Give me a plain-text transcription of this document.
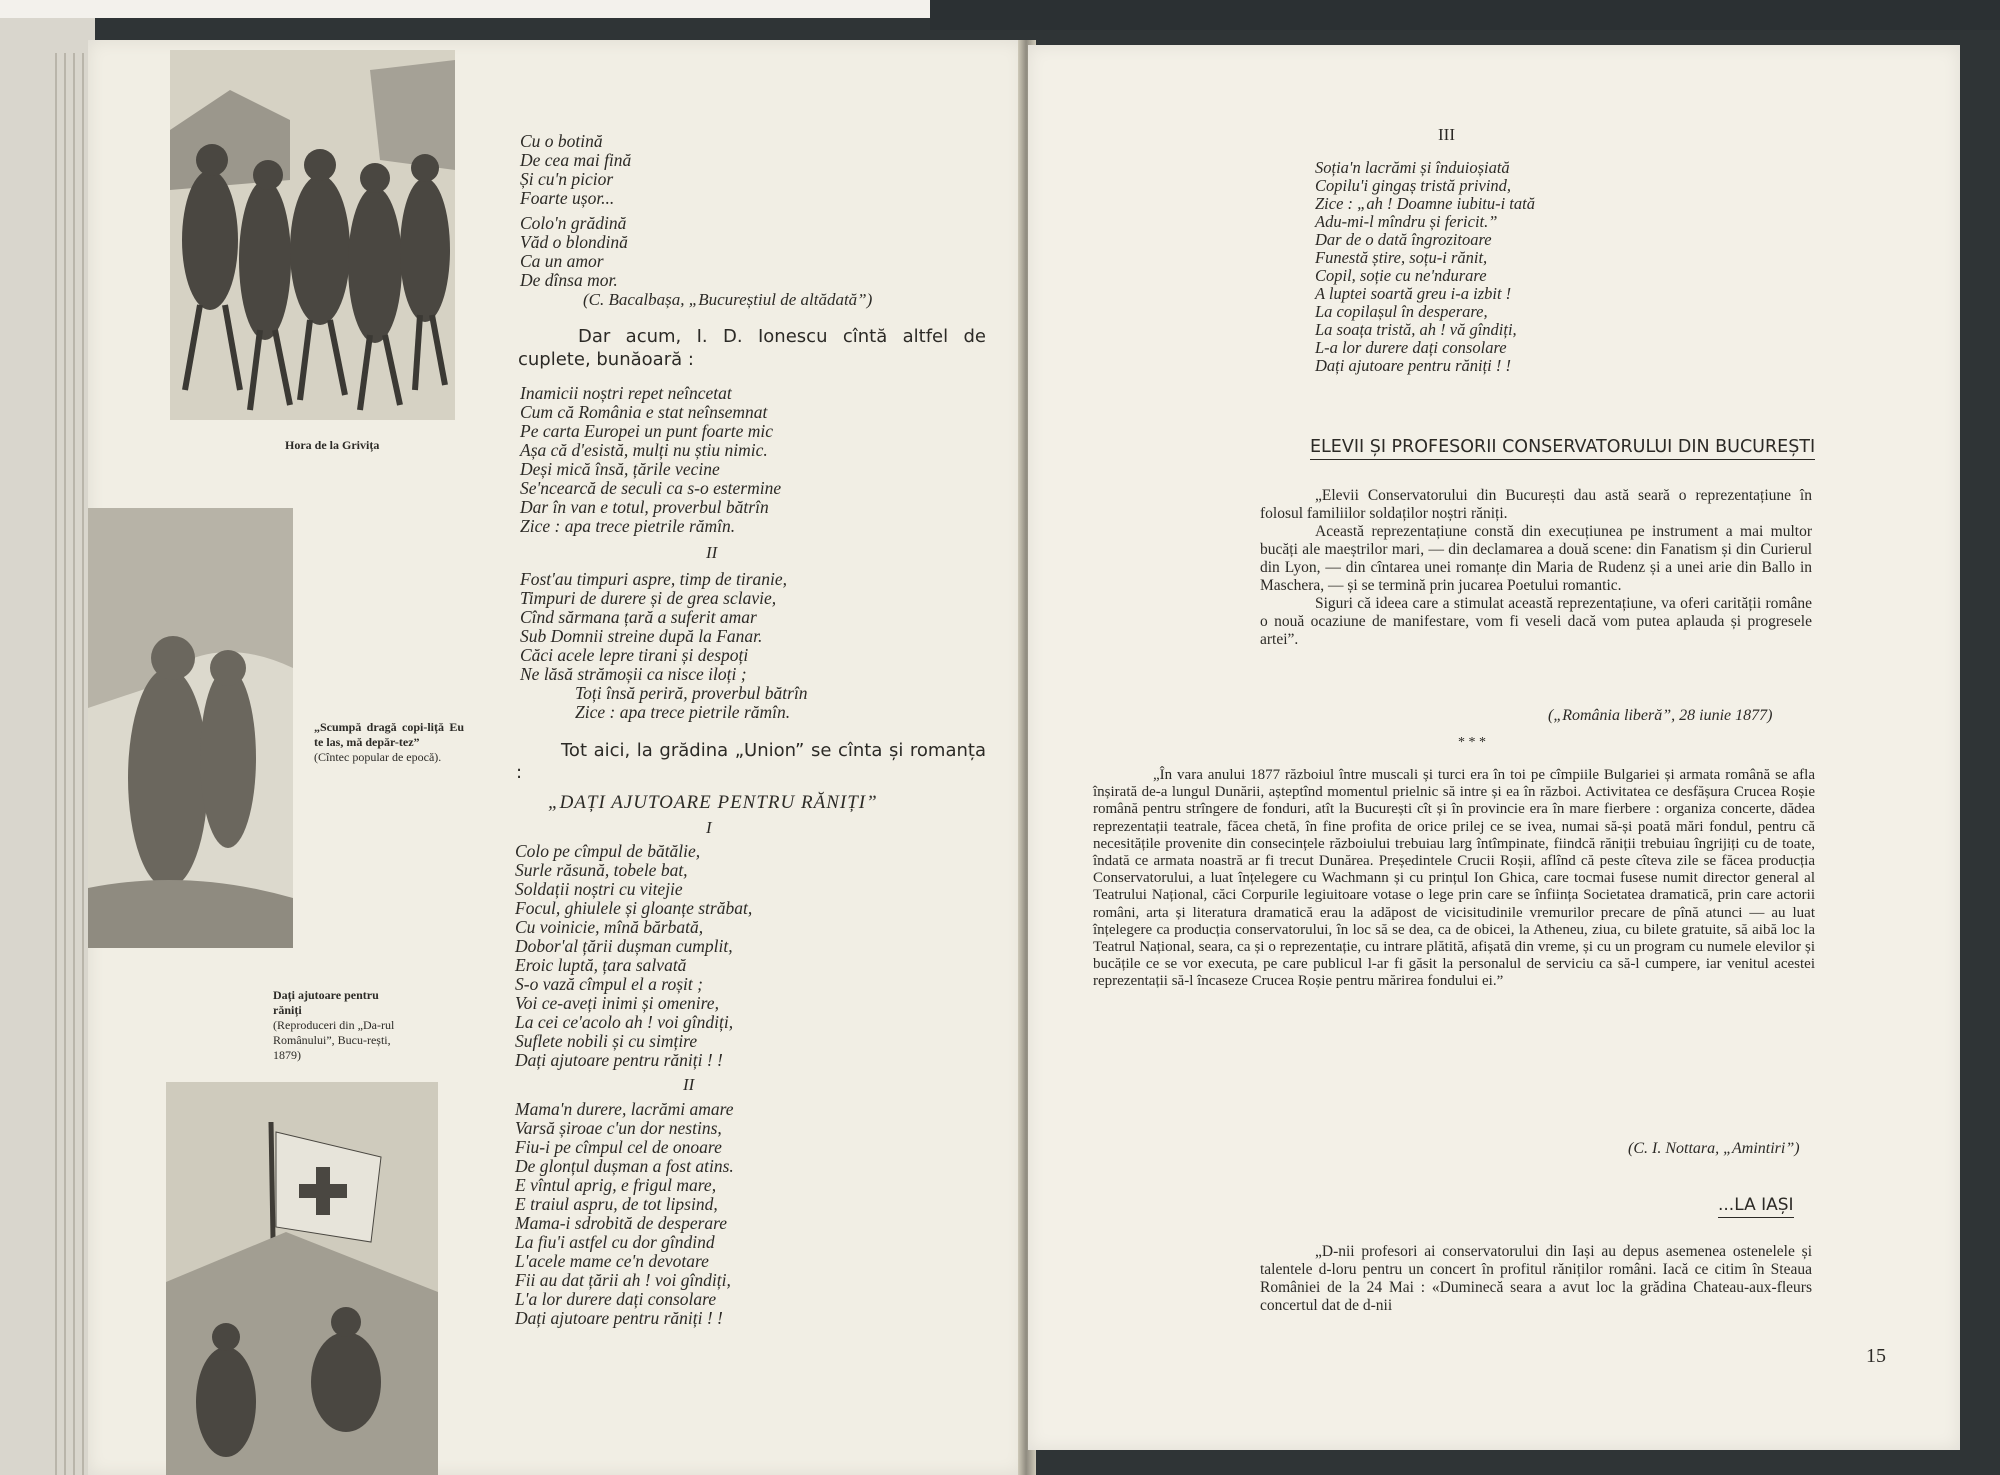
Hora de la Grivița
„Scumpă dragă copi-liță Eu te las, mă depăr-tez”
(Cîntec popular de epocă).
Dați ajutoare pentru răniți
(Reproduceri din „Da-rul Românului”, Bucu-rești, 1879)
Cu o botină
De cea mai fină
Și cu'n picior
Foarte ușor...
Colo'n grădină
Văd o blondină
Ca un amor
De dînsa mor.
(C. Bacalbașa, „Bucureștiul de altădată”)
Dar acum, I. D. Ionescu cîntă altfel de cuplete, bunăoară :
Inamicii noștri repet neîncetat
Cum că România e stat neînsemnat
Pe carta Europei un punt foarte mic
Așa că d'esistă, mulți nu știu nimic.
Deși mică însă, țările vecine
Se'ncearcă de seculi ca s-o estermine
Dar în van e totul, proverbul bătrîn
Zice : apa trece pietrile rămîn.
II
Fost'au timpuri aspre, timp de tiranie,
Timpuri de durere și de grea sclavie,
Cînd sărmana țară a suferit amar
Sub Domnii streine după la Fanar.
Căci acele lepre tirani și despoți
Ne lăsă strămoșii ca nisce iloți ;
Toți însă periră, proverbul bătrîn
Zice : apa trece pietrile rămîn.
Tot aici, la grădina „Union” se cînta și romanța :
„DAȚI AJUTOARE PENTRU RĂNIȚI”
I
Colo pe cîmpul de bătălie,
Surle răsună, tobele bat,
Soldații noștri cu vitejie
Focul, ghiulele și gloanțe străbat,
Cu voinicie, mînă bărbată,
Dobor'al țării dușman cumplit,
Eroic luptă, țara salvată
S-o vază cîmpul el a roșit ;
Voi ce-aveți inimi și omenire,
La cei ce'acolo ah ! voi gîndiți,
Suflete nobili și cu simțire
Dați ajutoare pentru răniți ! !
II
Mama'n durere, lacrămi amare
Varsă șiroae c'un dor nestins,
Fiu-i pe cîmpul cel de onoare
De glonțul dușman a fost atins.
E vîntul aprig, e frigul mare,
E traiul aspru, de tot lipsind,
Mama-i sdrobită de desperare
La fiu'i astfel cu dor gîndind
L'acele mame ce'n devotare
Fii au dat țării ah ! voi gîndiți,
L'a lor durere dați consolare
Dați ajutoare pentru răniți ! !
III
Soția'n lacrămi și înduioșiată
Copilu'i gingaș tristă privind,
Zice : „ah ! Doamne iubitu-i tată
Adu-mi-l mîndru și fericit.”
Dar de o dată îngrozitoare
Funestă știre, soțu-i rănit,
Copil, soție cu ne'ndurare
A luptei soartă greu i-a izbit !
La copilașul în desperare,
La soața tristă, ah ! vă gîndiți,
L-a lor durere dați consolare
Dați ajutoare pentru răniți ! !
ELEVII ȘI PROFESORII CONSERVATORULUI DIN BUCUREȘTI
„Elevii Conservatorului din București dau astă seară o reprezentațiune în folosul familiilor soldaților noștri răniți.
Această reprezentațiune constă din execuțiunea pe instrument a mai multor bucăți ale maeștrilor mari, — din declamarea a două scene: din Fanatism și din Curierul din Lyon, — din cîntarea unei romanțe din Maria de Rudenz și a unei arie din Ballo in Maschera, — și se termină prin jucarea Poetului romantic.
Siguri că ideea care a stimulat această reprezentațiune, va oferi carității române o nouă ocaziune de manifestare, vom fi veseli dacă vom putea aplauda și progresele artei”.
(„România liberă”, 28 iunie 1877)
* * *
„În vara anului 1877 războiul între muscali și turci era în toi pe cîmpiile Bulgariei și armata română se afla înșirată de-a lungul Dunării, așteptînd momentul prielnic să intre și ea în război. Activitatea ce desfășura Crucea Roșie română pentru strîngere de fonduri, atît la București cît și în provincie era în mare fierbere : organiza concerte, dădea reprezentații teatrale, făcea chetă, în fine profita de orice prilej ce se ivea, numai să-și poată mări fondul, pentru că necesitățile provenite din consecințele războiului trebuiau larg întîmpinate, fiindcă răniții trebuiau îngrijiți cu de toate, îndată ce armata noastră ar fi trecut Dunărea. Președintele Crucii Roșii, aflînd că peste cîteva zile se făcea producția Conservatorului, a luat înțelegere cu Wachmann și cu prințul Ion Ghica, care tocmai fusese numit director general al Teatrului Național, căci Corpurile legiuitoare votase o lege prin care se înființa Societatea dramatică, prin care actorii români, arta și literatura dramatică erau la adăpost de vicisitudinile vremurilor precare de pînă atunci — au luat înțelegere ca producția conservatorului, în loc să se dea, ca de obicei, la Atheneu, ziua, cu bilete gratuite, să aibă loc la Teatrul Național, seara, ca și o reprezentație, cu intrare plătită, afișată din vreme, și cu un program cu numele elevilor și bucățile ce se vor executa, pe care publicul l-ar fi găsit la personalul de serviciu ca să-l cumpere, iar venitul acestei reprezentații să-l încaseze Crucea Roșie pentru mărirea fondului ei.”
(C. I. Nottara, „Amintiri”)
...LA IAȘI
„D-nii profesori ai conservatorului din Iași au depus asemenea ostenelele și talentele d-loru pentru un concert în profitul răniților români. Iacă ce citim în Steaua României de la 24 Mai : «Duminecă seara a avut loc la grădina Chateau-aux-fleurs concertul dat de d-nii
15
